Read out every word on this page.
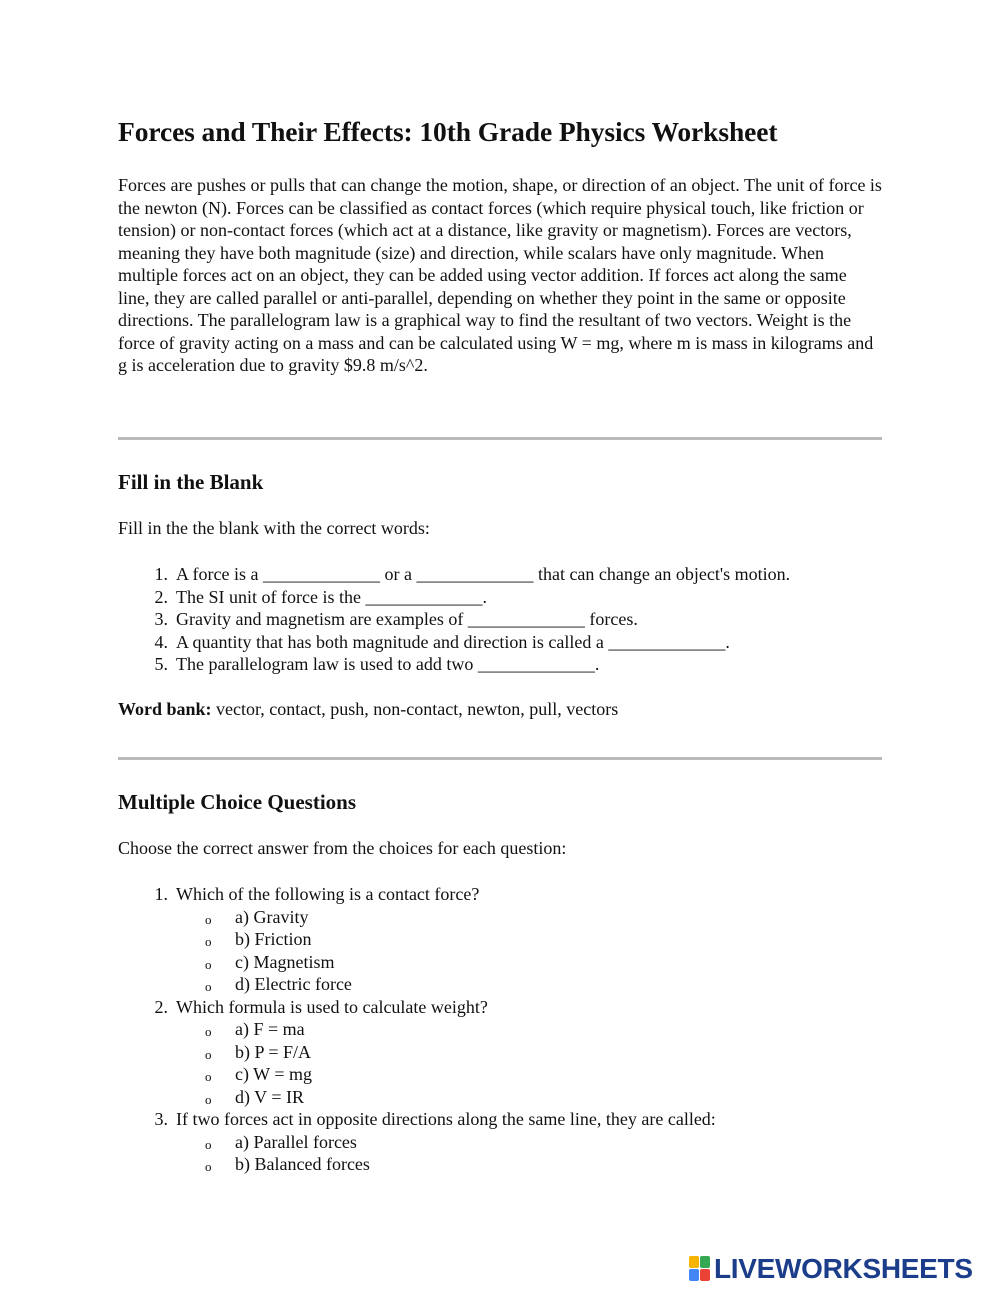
Forces and Their Effects: 10th Grade Physics Worksheet

Forces are pushes or pulls that can change the motion, shape, or direction of an object. The unit of force is the newton (N). Forces can be classified as contact forces (which require physical touch, like friction or tension) or non-contact forces (which act at a distance, like gravity or magnetism). Forces are vectors, meaning they have both magnitude (size) and direction, while scalars have only magnitude. When multiple forces act on an object, they can be added using vector addition. If forces act along the same line, they are called parallel or anti-parallel, depending on whether they point in the same or opposite directions. The parallelogram law is a graphical way to find the resultant of two vectors. Weight is the force of gravity acting on a mass and can be calculated using W = mg, where m is mass in kilograms and g is acceleration due to gravity $9.8 m/s^2.

Fill in the Blank

Fill in the the blank with the correct words:

A force is a _____________ or a _____________ that can change an object's motion.
The SI unit of force is the _____________.
Gravity and magnetism are examples of _____________ forces.
A quantity that has both magnitude and direction is called a _____________.
The parallelogram law is used to add two _____________.

Word bank: vector, contact, push, non-contact, newton, pull, vectors

Multiple Choice Questions

Choose the correct answer from the choices for each question:

Which of the following is a contact force?
o a) Gravity
o b) Friction
o c) Magnetism
o d) Electric force
Which formula is used to calculate weight?
o a) F = ma
o b) P = F/A
o c) W = mg
o d) V = IR
If two forces act in opposite directions along the same line, they are called:
o a) Parallel forces
o b) Balanced forces
LIVEWORKSHEETS
